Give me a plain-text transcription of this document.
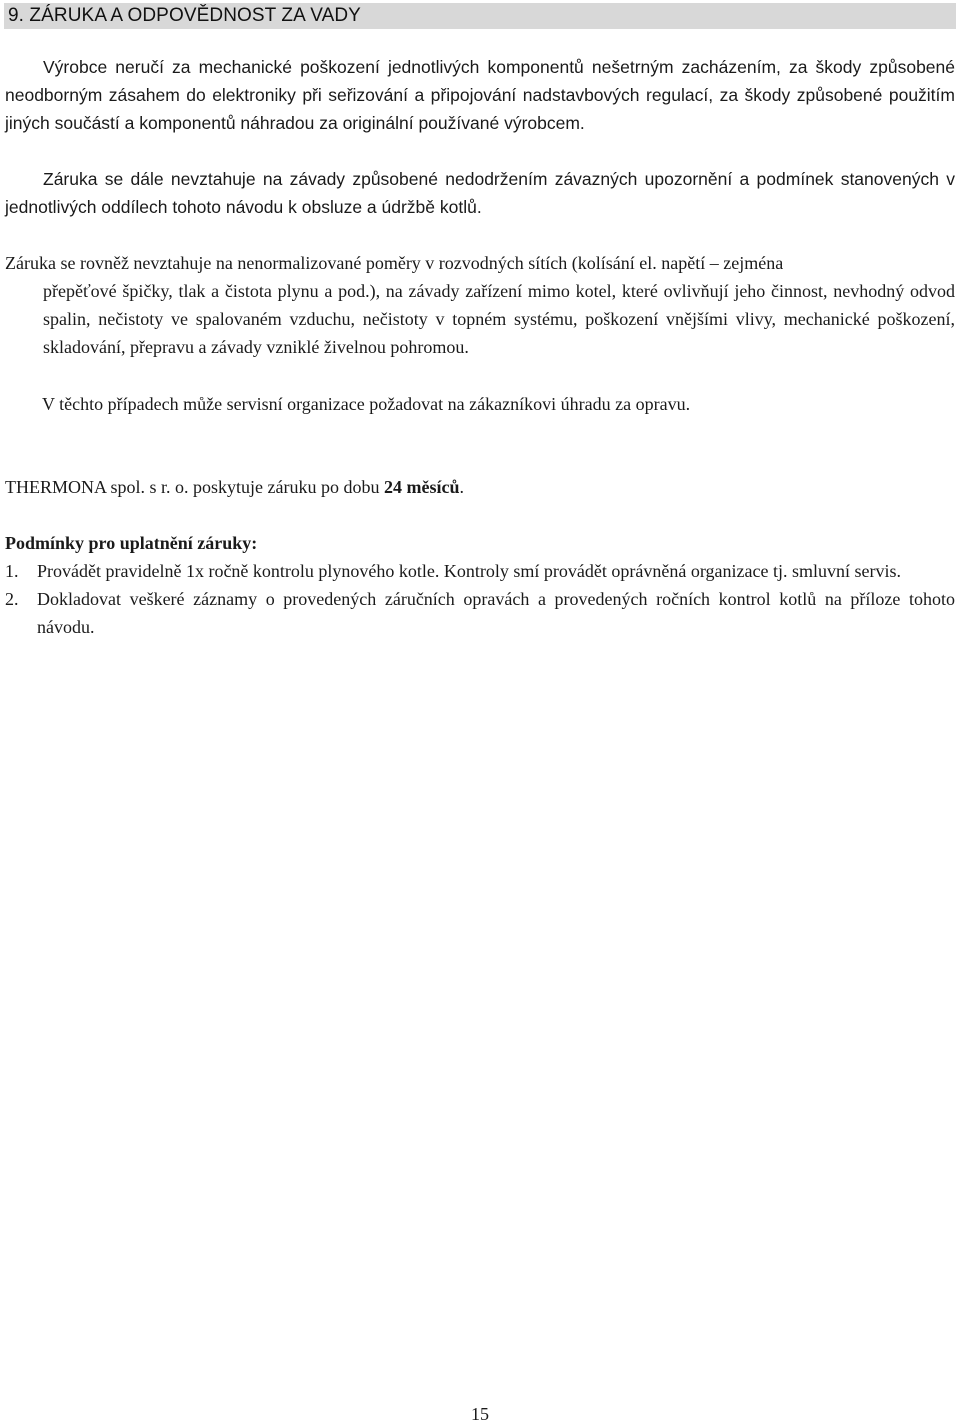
9. ZÁRUKA A ODPOVĚDNOST ZA VADY

Výrobce neručí za mechanické poškození jednotlivých komponentů nešetrným zacházením, za škody způsobené neodborným zásahem do elektroniky při seřizování a připojování nadstavbových regulací, za škody způsobené použitím jiných součástí a komponentů náhradou za originální používané výrobcem.

Záruka se dále nevztahuje na závady způsobené nedodržením závazných upozornění a podmínek stanovených v jednotlivých oddílech tohoto návodu k obsluze a údržbě kotlů.

Záruka se rovněž nevztahuje na nenormalizované poměry v rozvodných sítích (kolísání el. napětí – zejména
přepěťové špičky, tlak a čistota plynu a pod.), na závady zařízení mimo kotel, které ovlivňují jeho činnost, nevhodný odvod spalin, nečistoty ve spalovaném vzduchu, nečistoty v topném systému, poškození vnějšími vlivy, mechanické poškození, skladování, přepravu a závady vzniklé živelnou pohromou.

V těchto případech může servisní organizace požadovat na zákazníkovi úhradu za opravu.

THERMONA spol. s r. o. poskytuje záruku po dobu 24 měsíců.

Podmínky pro uplatnění záruky:

1. Provádět pravidelně 1x ročně kontrolu plynového kotle. Kontroly smí provádět oprávněná organizace tj. smluvní servis.
2. Dokladovat veškeré záznamy o provedených záručních opravách a provedených ročních kontrol kotlů na příloze tohoto návodu.
15
